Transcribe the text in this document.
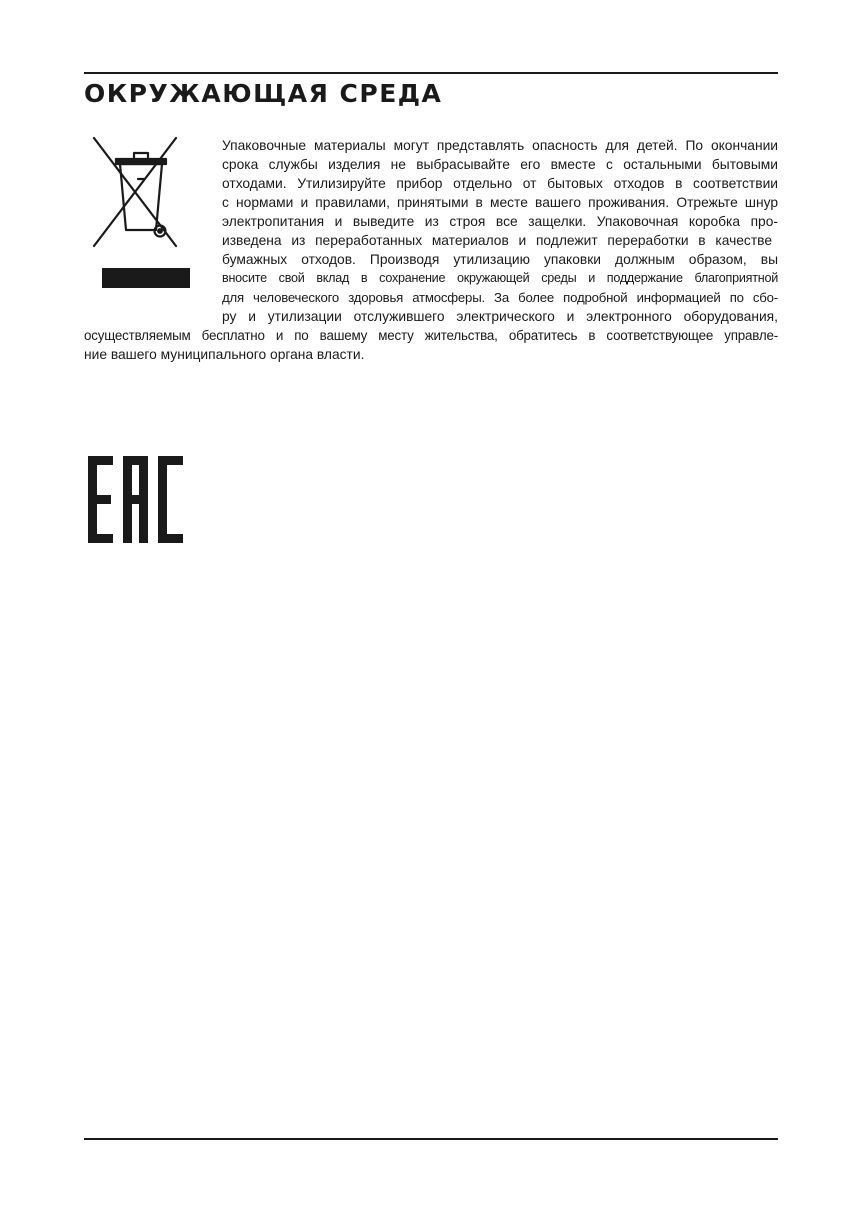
ОКРУЖАЮЩАЯ СРЕДА
Упаковочные материалы могут представлять опасность для детей. По окончании
срока службы изделия не выбрасывайте его вместе с остальными бытовыми
отходами. Утилизируйте прибор отдельно от бытовых отходов в соответствии
с нормами и правилами, принятыми в месте вашего проживания. Отрежьте шнур
электропитания и выведите из строя все защелки. Упаковочная коробка про-
изведена из переработанных материалов и подлежит переработки в качестве
бумажных отходов. Производя утилизацию упаковки должным образом, вы
вносите свой вклад в сохранение окружающей среды и поддержание благоприятной
для человеческого здоровья атмосферы. За более подробной информацией по сбо-
ру и утилизации отслужившего электрического и электронного оборудования,
осуществляемым бесплатно и по вашему месту жительства, обратитесь в соответствующее управле-
ние вашего муниципального органа власти.
